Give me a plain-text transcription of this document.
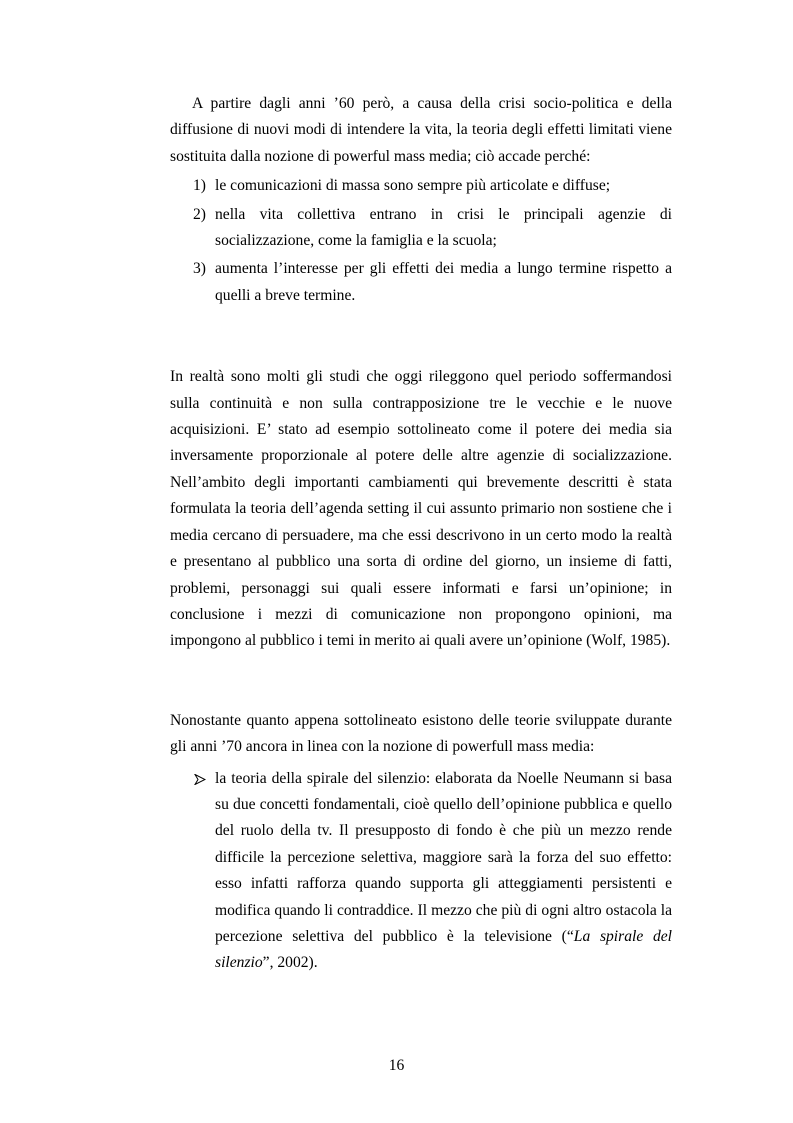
A partire dagli anni ’60 però, a causa della crisi socio-politica e della diffusione di nuovi modi di intendere la vita, la teoria degli effetti limitati viene sostituita dalla nozione di powerful mass media; ciò accade perché:

1) le comunicazioni di massa sono sempre più articolate e diffuse;
2) nella vita collettiva entrano in crisi le principali agenzie di socializzazione, come la famiglia e la scuola;
3) aumenta l’interesse per gli effetti dei media a lungo termine rispetto a quelli a breve termine.

In realtà sono molti gli studi che oggi rileggono quel periodo soffermandosi sulla continuità e non sulla contrapposizione tre le vecchie e le nuove acquisizioni. E’ stato ad esempio sottolineato come il potere dei media sia inversamente proporzionale al potere delle altre agenzie di socializzazione. Nell’ambito degli importanti cambiamenti qui brevemente descritti è stata formulata la teoria dell’agenda setting il cui assunto primario non sostiene che i media cercano di persuadere, ma che essi descrivono in un certo modo la realtà e presentano al pubblico una sorta di ordine del giorno, un insieme di fatti, problemi, personaggi sui quali essere informati e farsi un’opinione; in conclusione i mezzi di comunicazione non propongono opinioni, ma impongono al pubblico i temi in merito ai quali avere un’opinione (Wolf, 1985).

Nonostante quanto appena sottolineato esistono delle teorie sviluppate durante gli anni ’70 ancora in linea con la nozione di powerfull mass media:

la teoria della spirale del silenzio: elaborata da Noelle Neumann si basa su due concetti fondamentali, cioè quello dell’opinione pubblica e quello del ruolo della tv. Il presupposto di fondo è che più un mezzo rende difficile la percezione selettiva, maggiore sarà la forza del suo effetto: esso infatti rafforza quando supporta gli atteggiamenti persistenti e modifica quando li contraddice. Il mezzo che più di ogni altro ostacola la percezione selettiva del pubblico è la televisione (“La spirale del silenzio”, 2002).
16
